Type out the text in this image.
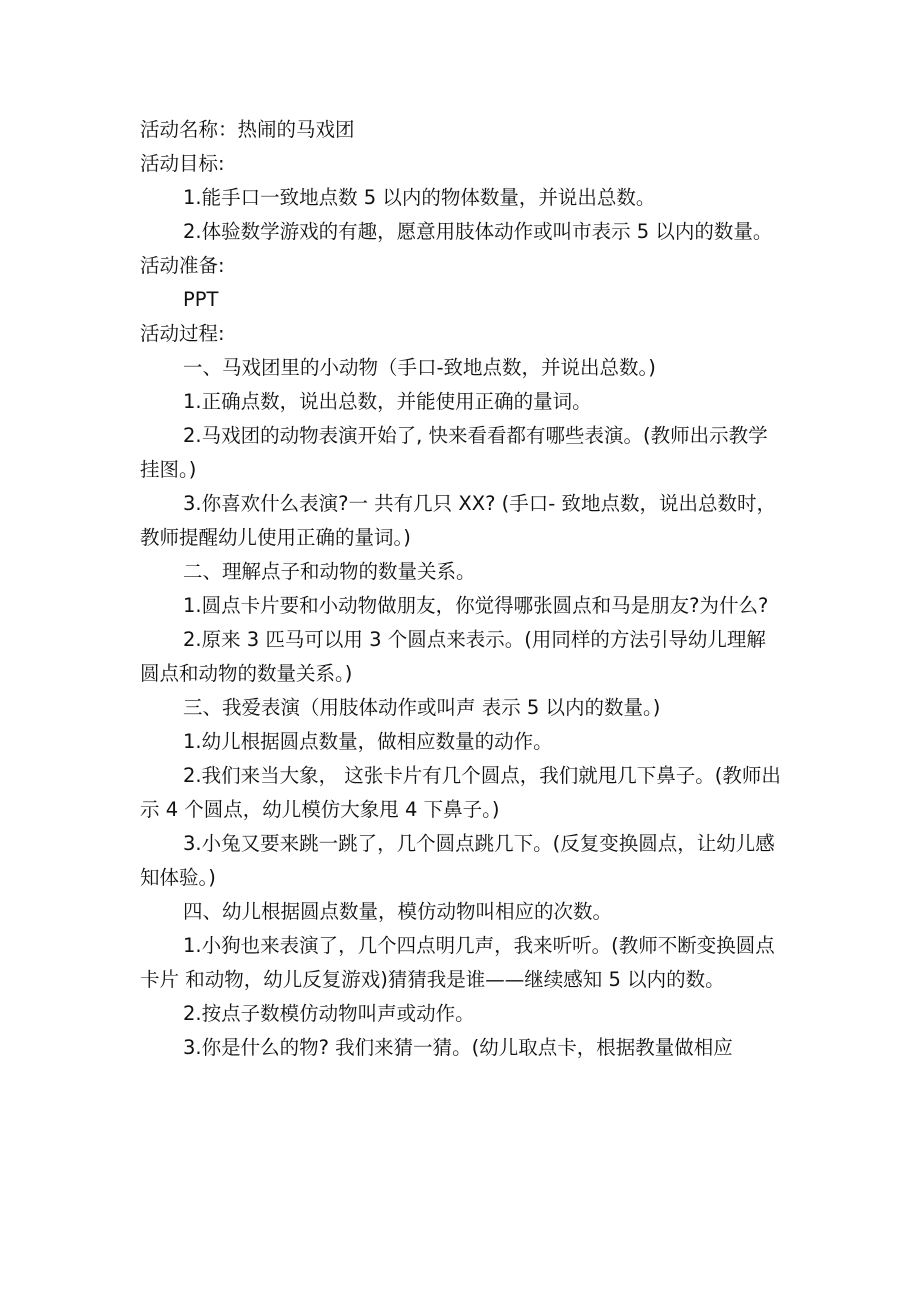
活动名称：热闹的马戏团

活动目标:

1.能手口一致地点数 5 以内的物体数量，并说出总数。

2.体验数学游戏的有趣，愿意用肢体动作或叫市表示 5 以内的数量。

活动准备:

PPT

活动过程:

一、马戏团里的小动物（手口-致地点数，并说出总数。)

1.正确点数，说出总数，并能使用正确的量词。

2.马戏团的动物表演开始了, 快来看看都有哪些表演。(教师出示教学挂图。)

3.你喜欢什么表演?一 共有几只 XX? (手口- 致地点数，说出总数时，教师提醒幼儿使用正确的量词。)

二、理解点子和动物的数量关系。

1.圆点卡片要和小动物做朋友，你觉得哪张圆点和马是朋友?为什么?

2.原来 3 匹马可以用 3 个圆点来表示。(用同样的方法引导幼儿理解圆点和动物的数量关系。)

三、我爱表演（用肢体动作或叫声 表示 5 以内的数量。)

1.幼儿根据圆点数量，做相应数量的动作。

2.我们来当大象， 这张卡片有几个圆点，我们就甩几下鼻子。(教师出示 4 个圆点，幼儿模仿大象甩 4 下鼻子。)

3.小兔又要来跳一跳了，几个圆点跳几下。(反复变换圆点，让幼儿感知体验。)

四、幼儿根据圆点数量，模仿动物叫相应的次数。

1.小狗也来表演了，几个四点明几声，我来听听。(教师不断变换圆点卡片 和动物，幼儿反复游戏)猜猜我是谁——继续感知 5 以内的数。

2.按点子数模仿动物叫声或动作。

3.你是什么的物? 我们来猜一猜。(幼儿取点卡，根据教量做相应
